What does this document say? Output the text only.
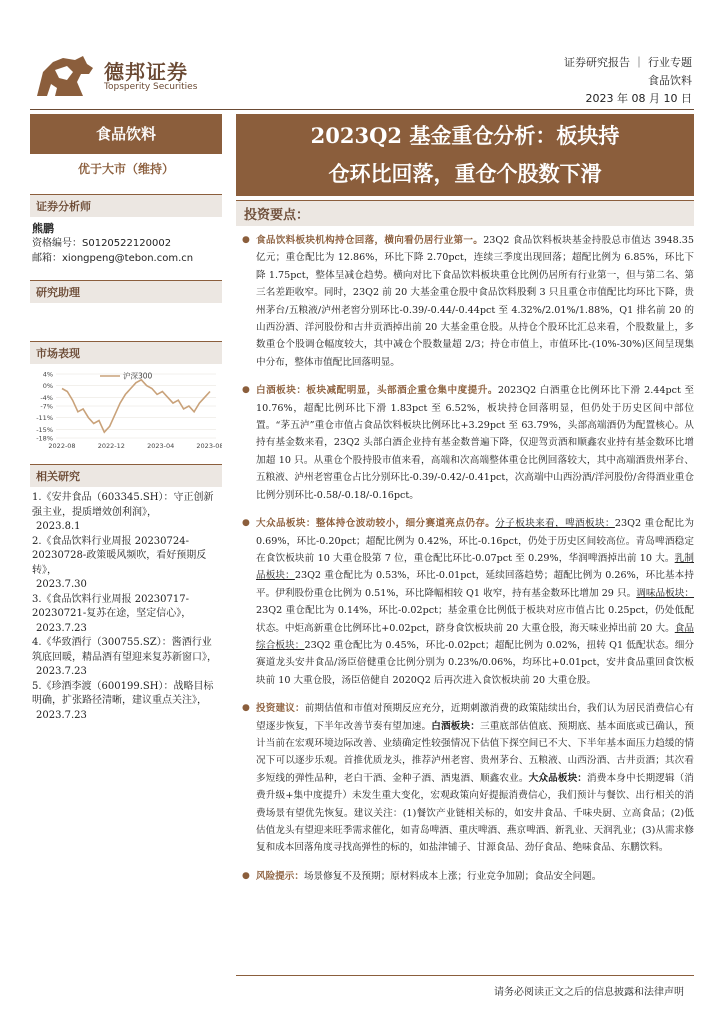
德邦证券
Topsperity Securities
证券研究报告 ｜ 行业专题
食品饮料
2023 年 08 月 10 日
食品饮料
优于大市（维持）
2023Q2 基金重仓分析：板块持
仓环比回落，重仓个股数下滑
证券分析师
熊鹏
资格编号：S0120522120002
邮箱：xiongpeng@tebon.com.cn
研究助理
市场表现
4%
0%
-4%
-7%
-11%
-15%
-18%
2022-08	2022-12	2023-04	2023-08
沪深300
相关研究
1.《安井食品（603345.SH）：守正创新强主业，提质增效创利润》，
2023.8.1
2.《食品饮料行业周报 20230724-20230728-政策暖风频吹，看好预期反转》，
2023.7.30
3.《食品饮料行业周报 20230717-20230721-复苏在途，坚定信心》，
2023.7.23
4.《华致酒行（300755.SZ）：酱酒行业筑底回暖，精品酒有望迎来复苏新窗口》，
2023.7.23
5.《珍酒李渡（600199.SH）：战略目标明确，扩张路径清晰，建议重点关注》，
2023.7.23
投资要点：
● 食品饮料板块机构持仓回落，横向看仍居行业第一。23Q2 食品饮料板块基金持股总市值达 3948.35 亿元；重仓配比为 12.86%，环比下降 2.70pct，连续三季度出现回落；超配比例为 6.85%，环比下降 1.75pct，整体呈减仓趋势。横向对比下食品饮料板块重仓比例仍居所有行业第一，但与第二名、第三名差距收窄。同时，23Q2 前 20 大基金重仓股中食品饮料股剩 3 只且重仓市值配比均环比下降，贵州茅台/五粮液/泸州老窖分别环比-0.39/-0.44/-0.44pct 至 4.32%/2.01%/1.88%，Q1 排名前 20 的山西汾酒、洋河股份和古井贡酒掉出前 20 大基金重仓股。从持仓个股环比汇总来看，个股数量上，多数重仓个股调仓幅度较大，其中减仓个股数量超 2/3；持仓市值上，市值环比-(10%-30%)区间呈现集中分布，整体市值配比回落明显。
● 白酒板块：板块减配明显，头部酒企重仓集中度提升。2023Q2 白酒重仓比例环比下滑 2.44pct 至 10.76%，超配比例环比下滑 1.83pct 至 6.52%，板块持仓回落明显，但仍处于历史区间中部位置。“茅五泸”重仓市值占食品饮料板块比例环比+3.29pct 至 63.79%，头部高端酒仍为配置核心。从持有基金数来看，23Q2 头部白酒企业持有基金数普遍下降，仅迎驾贡酒和顺鑫农业持有基金数环比增加超 10 只。从重仓个股持股市值来看，高端和次高端整体重仓比例回落较大，其中高端酒贵州茅台、五粮液、泸州老窖重仓占比分别环比-0.39/-0.42/-0.41pct，次高端中山西汾酒/洋河股份/舍得酒业重仓比例分别环比-0.58/-0.18/-0.16pct。
● 大众品板块：整体持仓波动较小，细分赛道亮点仍存。分子板块来看，啤酒板块：23Q2 重仓配比为 0.69%，环比-0.20pct；超配比例为 0.42%，环比-0.16pct，仍处于历史区间较高位。青岛啤酒稳定在食饮板块前 10 大重仓股第 7 位，重仓配比环比-0.07pct 至 0.29%，华润啤酒掉出前 10 大。乳制品板块：23Q2 重仓配比为 0.53%，环比-0.01pct，延续回落趋势；超配比例为 0.26%，环比基本持平。伊利股份重仓比例为 0.51%，环比降幅相较 Q1 收窄，持有基金数环比增加 29 只。调味品板块：23Q2 重仓配比为 0.14%，环比-0.02pct；基金重仓比例低于板块对应市值占比 0.25pct，仍处低配状态。中炬高新重仓比例环比+0.02pct，跻身食饮板块前 20 大重仓股，海天味业掉出前 20 大。食品综合板块：23Q2 重仓配比为 0.45%，环比-0.02pct；超配比例为 0.02%，扭转 Q1 低配状态。细分赛道龙头安井食品/汤臣倍健重仓比例分别为 0.23%/0.06%，均环比+0.01pct，安井食品重回食饮板块前 10 大重仓股，汤臣倍健自 2020Q2 后再次进入食饮板块前 20 大重仓股。
● 投资建议：前期估值和市值对预期反应充分，近期刺激消费的政策陆续出台，我们认为居民消费信心有望逐步恢复，下半年改善节奏有望加速。白酒板块：三重底部估值底、预期底、基本面底或已确认，预计当前在宏观环境边际改善、业绩确定性较强情况下估值下探空间已不大、下半年基本面压力趋缓的情况下可以逐步乐观。首推优质龙头，推荐泸州老窖、贵州茅台、五粮液、山西汾酒、古井贡酒；其次看多短线的弹性品种，老白干酒、金种子酒、酒鬼酒、顺鑫农业。大众品板块：消费本身中长期逻辑（消费升级+集中度提升）未发生重大变化，宏观政策向好提振消费信心，我们预计与餐饮、出行相关的消费场景有望优先恢复。建议关注：(1)餐饮产业链相关标的，如安井食品、千味央厨、立高食品；(2)低估值龙头有望迎来旺季需求催化，如青岛啤酒、重庆啤酒、燕京啤酒、新乳业、天润乳业；(3)从需求修复和成本回落角度寻找高弹性的标的，如盐津铺子、甘源食品、劲仔食品、绝味食品、东鹏饮料。
● 风险提示：场景修复不及预期；原材料成本上涨；行业竞争加剧；食品安全问题。
请务必阅读正文之后的信息披露和法律声明
